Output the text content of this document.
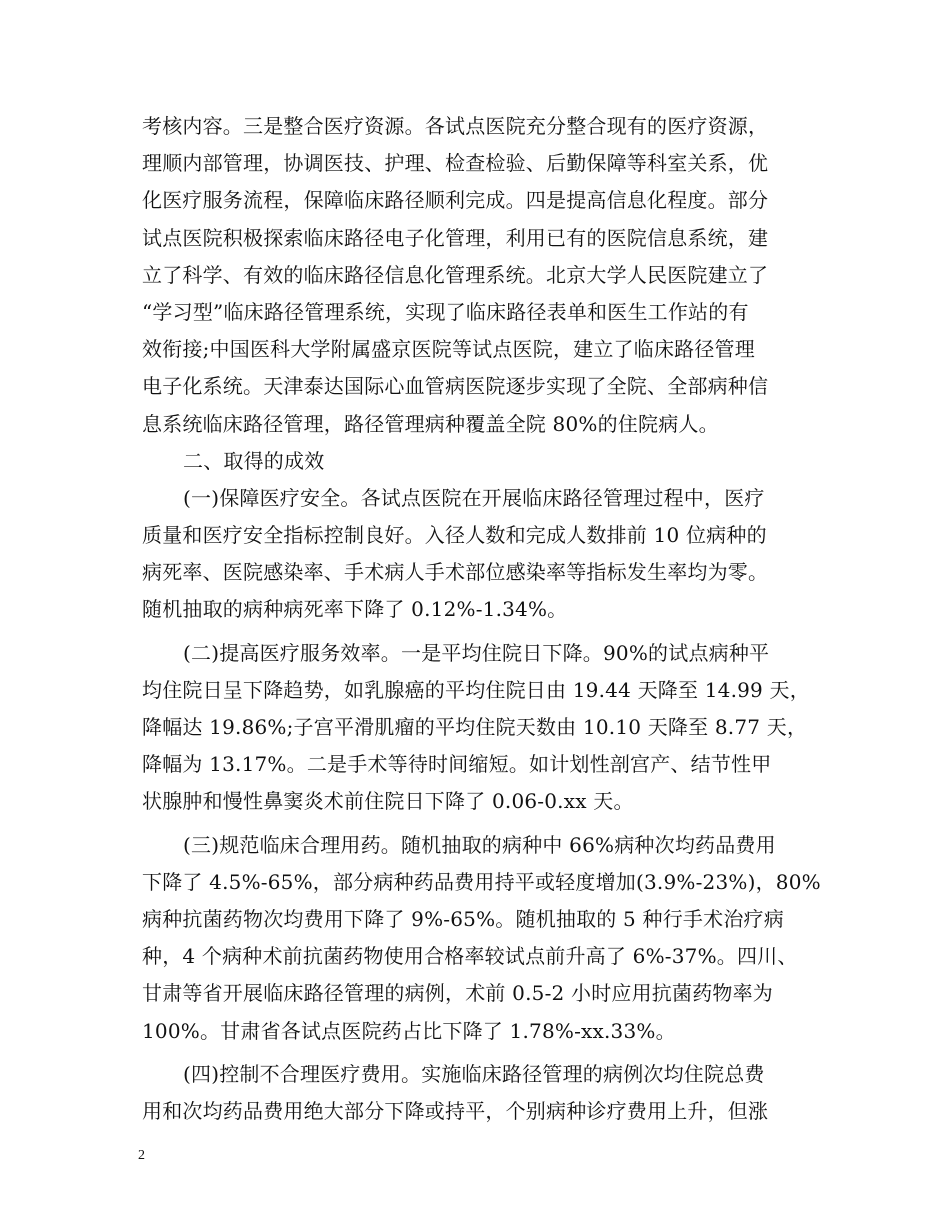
考核内容。三是整合医疗资源。各试点医院充分整合现有的医疗资源，
理顺内部管理，协调医技、护理、检查检验、后勤保障等科室关系，优
化医疗服务流程，保障临床路径顺利完成。四是提高信息化程度。部分
试点医院积极探索临床路径电子化管理，利用已有的医院信息系统，建
立了科学、有效的临床路径信息化管理系统。北京大学人民医院建立了
“学习型”临床路径管理系统，实现了临床路径表单和医生工作站的有
效衔接;中国医科大学附属盛京医院等试点医院，建立了临床路径管理
电子化系统。天津泰达国际心血管病医院逐步实现了全院、全部病种信
息系统临床路径管理，路径管理病种覆盖全院 80%的住院病人。
二、取得的成效
(一)保障医疗安全。各试点医院在开展临床路径管理过程中，医疗
质量和医疗安全指标控制良好。入径人数和完成人数排前 10 位病种的
病死率、医院感染率、手术病人手术部位感染率等指标发生率均为零。
随机抽取的病种病死率下降了 0.12%-1.34%。
(二)提高医疗服务效率。一是平均住院日下降。90%的试点病种平
均住院日呈下降趋势，如乳腺癌的平均住院日由 19.44 天降至 14.99 天，
降幅达 19.86%;子宫平滑肌瘤的平均住院天数由 10.10 天降至 8.77 天，
降幅为 13.17%。二是手术等待时间缩短。如计划性剖宫产、结节性甲
状腺肿和慢性鼻窦炎术前住院日下降了 0.06-0.xx 天。
(三)规范临床合理用药。随机抽取的病种中 66%病种次均药品费用
下降了 4.5%-65%，部分病种药品费用持平或轻度增加(3.9%-23%)，80%
病种抗菌药物次均费用下降了 9%-65%。随机抽取的 5 种行手术治疗病
种，4 个病种术前抗菌药物使用合格率较试点前升高了 6%-37%。四川、
甘肃等省开展临床路径管理的病例，术前 0.5-2 小时应用抗菌药物率为
100%。甘肃省各试点医院药占比下降了 1.78%-xx.33%。
(四)控制不合理医疗费用。实施临床路径管理的病例次均住院总费
用和次均药品费用绝大部分下降或持平，个别病种诊疗费用上升，但涨
2
